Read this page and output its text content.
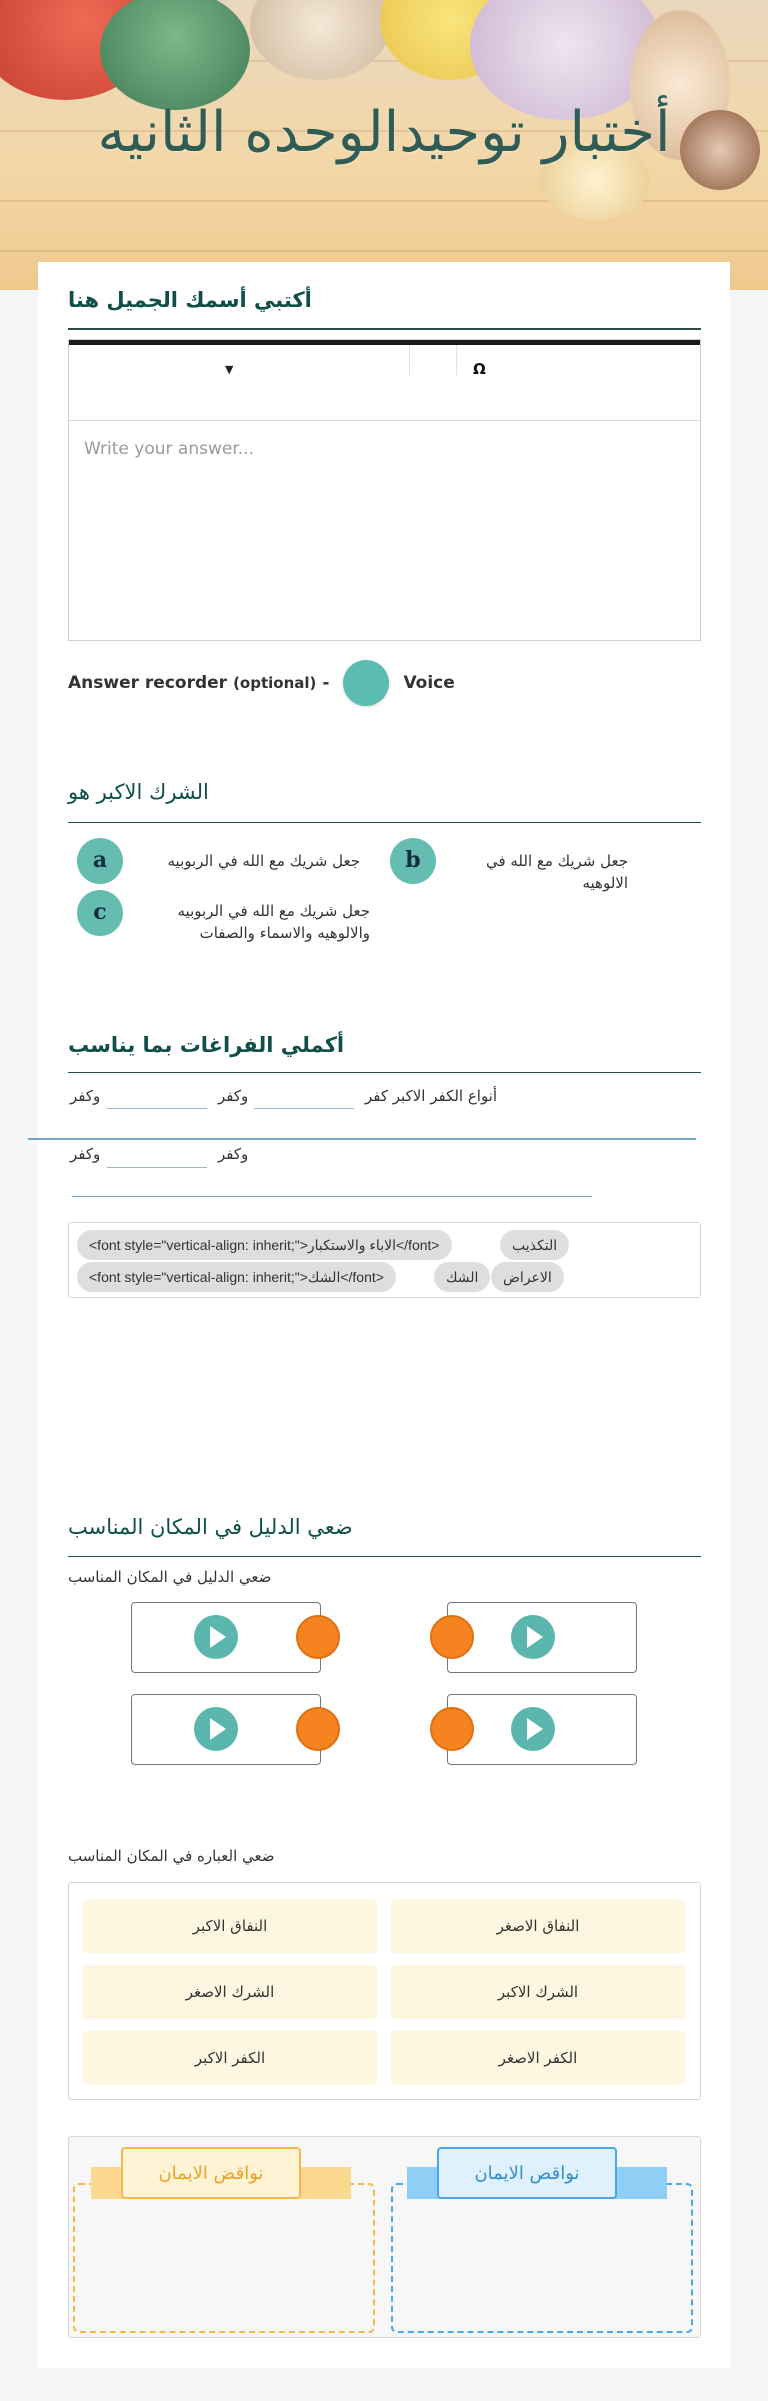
أختبار توحيدالوحده الثانيه
أكتبي أسمك الجميل هنا
▼	Ω
Write your answer...
Answer recorder (optional) -	Voice
الشرك الاكبر هو
a	جعل شريك مع الله في الربوبيه	b	جعل شريك مع الله في الالوهيه
c	جعل شريك مع الله في الربوبيه والالوهيه والاسماء والصفات
أكملي الفراغات بما يناسب
أنواع الكفر الاكبر كفر
وكفر
وكفر
وكفر
وكفر
<font style="vertical-align: inherit;">الاباء والاستكبار</font>	التكذيب
<font style="vertical-align: inherit;">الشك</font>	الشك	الاعراض
ضعي الدليل في المكان المناسب
ضعي الدليل في المكان المناسب
ضعي العباره في المكان المناسب
النفاق الاكبر	النفاق الاصغر
الشرك الاصغر	الشرك الاكبر
الكفر الاكبر	الكفر الاصغر
نواقض الايمان	نواقص الايمان
